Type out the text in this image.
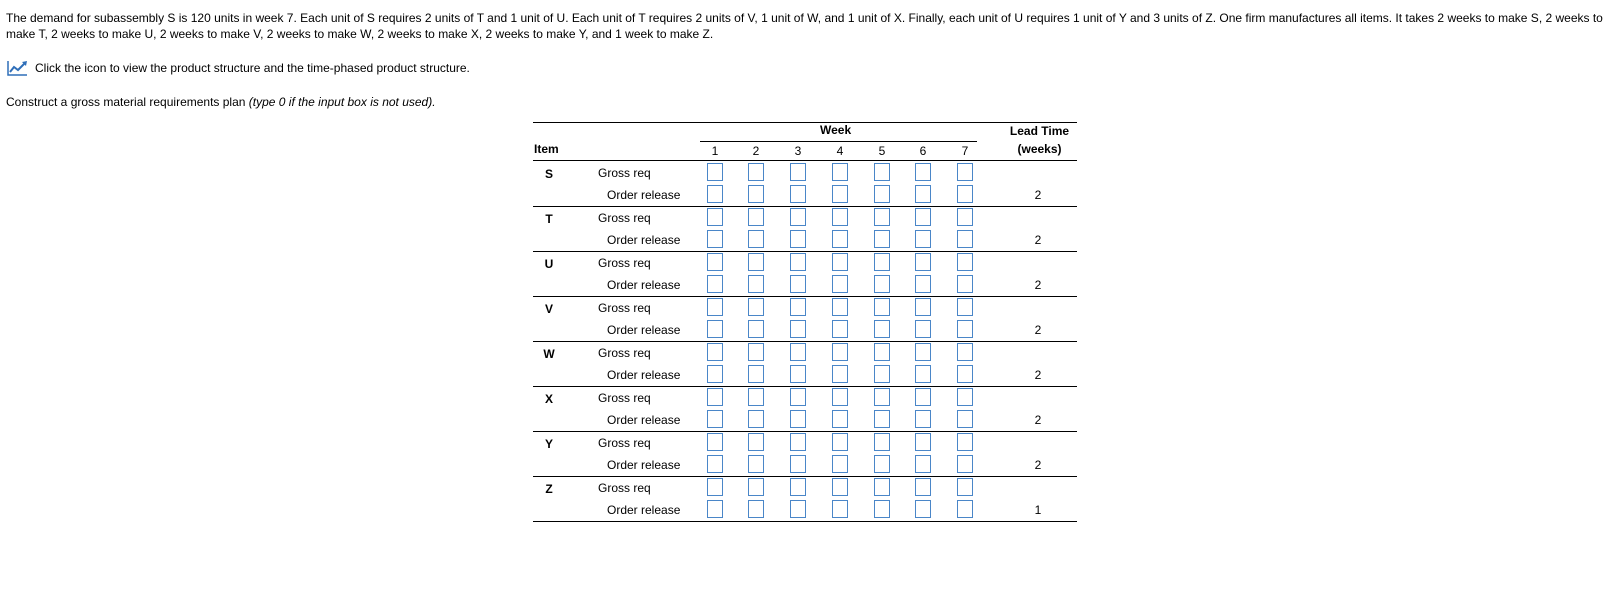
The demand for subassembly S is 120 units in week 7. Each unit of S requires 2 units of T and 1 unit of U. Each unit of T requires 2 units of V, 1 unit of W, and 1 unit of X. Finally, each unit of U requires 1 unit of Y and 3 units of Z. One firm manufactures all items. It takes 2 weeks to make S, 2 weeks to make T, 2 weeks to make U, 2 weeks to make V, 2 weeks to make W, 2 weeks to make X, 2 weeks to make Y, and 1 week to make Z.
Click the icon to view the product structure and the time-phased product structure.
Construct a gross material requirements plan (type 0 if the input box is not used).
Item
Week	Lead Time
(weeks)
1	2	3	4	5	6	7
S	Gross req
Order release	2
T	Gross req
Order release	2
U	Gross req
Order release	2
V	Gross req
Order release	2
W	Gross req
Order release	2
X	Gross req
Order release	2
Y	Gross req
Order release	2
Z	Gross req
Order release	1
